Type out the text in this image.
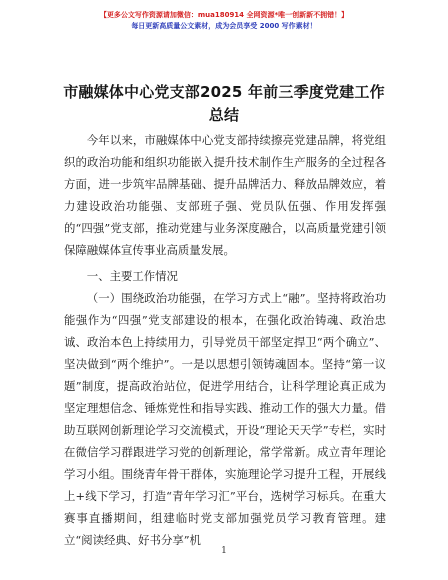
【更多公文写作资源请加微信：mua180914 全网资源*唯一创新新不拥错！】
每日更新高质量公文素材，成为会员享受 2000 写作素材！
市融媒体中心党支部2025 年前三季度党建工作总结
今年以来，市融媒体中心党支部持续擦亮党建品牌，将党组织的政治功能和组织功能嵌入提升技术制作生产服务的全过程各方面，进一步筑牢品牌基础、提升品牌活力、释放品牌效应，着力建设政治功能强、支部班子强、党员队伍强、作用发挥强的“四强”党支部，推动党建与业务深度融合，以高质量党建引领保障融媒体宣传事业高质量发展。
一、主要工作情况
（一）围绕政治功能强，在学习方式上“融”。坚持将政治功能强作为“四强”党支部建设的根本，在强化政治铸魂、政治忠诚、政治本色上持续用力，引导党员干部坚定捍卫“两个确立”、坚决做到“两个维护”。一是以思想引领铸魂固本。坚持“第一议题”制度，提高政治站位，促进学用结合，让科学理论真正成为坚定理想信念、锤炼党性和指导实践、推动工作的强大力量。借助互联网创新理论学习交流模式，开设“理论天天学”专栏，实时在微信学习群跟进学习党的创新理论，常学常新。成立青年理论学习小组。围绕青年骨干群体，实施理论学习提升工程，开展线上+线下学习，打造“青年学习汇”平台，选树学习标兵。在重大赛事直播期间，组建临时党支部加强党员学习教育管理。建立“阅读经典、好书分享”机
1
